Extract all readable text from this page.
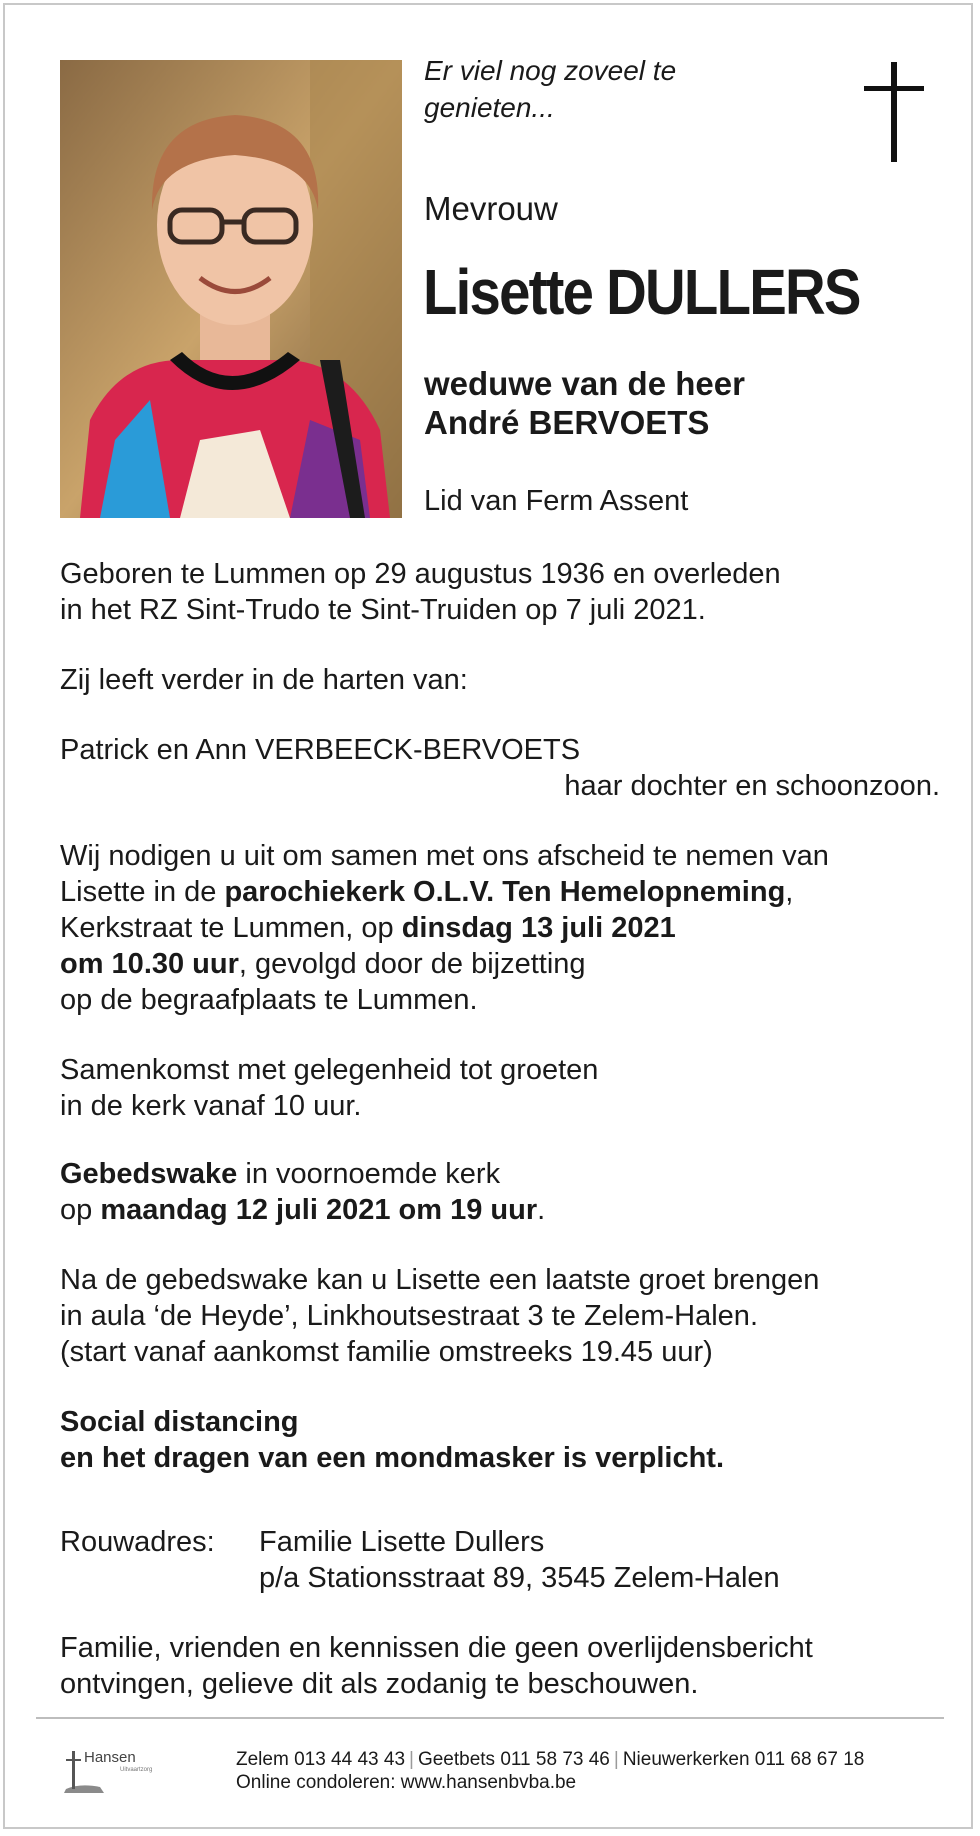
Er viel nog zoveel te
genieten...
Mevrouw
Lisette DULLERS
weduwe van de heer
André BERVOETS
Lid van Ferm Assent
Geboren te Lummen op 29 augustus 1936 en overleden
in het RZ Sint-Trudo te Sint-Truiden op 7 juli 2021.
Zij leeft verder in de harten van:
Patrick en Ann VERBEECK-BERVOETS
haar dochter en schoonzoon.
Wij nodigen u uit om samen met ons afscheid te nemen van
Lisette in de parochiekerk O.L.V. Ten Hemelopneming,
Kerkstraat te Lummen, op dinsdag 13 juli 2021
om 10.30 uur, gevolgd door de bijzetting
op de begraafplaats te Lummen.
Samenkomst met gelegenheid tot groeten
in de kerk vanaf 10 uur.
Gebedswake in voornoemde kerk
op maandag 12 juli 2021 om 19 uur.
Na de gebedswake kan u Lisette een laatste groet brengen
in aula ‘de Heyde’, Linkhoutsestraat 3 te Zelem-Halen.
(start vanaf aankomst familie omstreeks 19.45 uur)
Social distancing
en het dragen van een mondmasker is verplicht.
Rouwadres: Familie Lisette Dullers
p/a Stationsstraat 89, 3545 Zelem-Halen
Familie, vrienden en kennissen die geen overlijdensbericht
ontvingen, gelieve dit als zodanig te beschouwen.
Hansen
Uitvaartzorg	Zelem 013 44 43 43 | Geetbets 011 58 73 46 | Nieuwerkerken 011 68 67 18
Online condoleren: www.hansenbvba.be
